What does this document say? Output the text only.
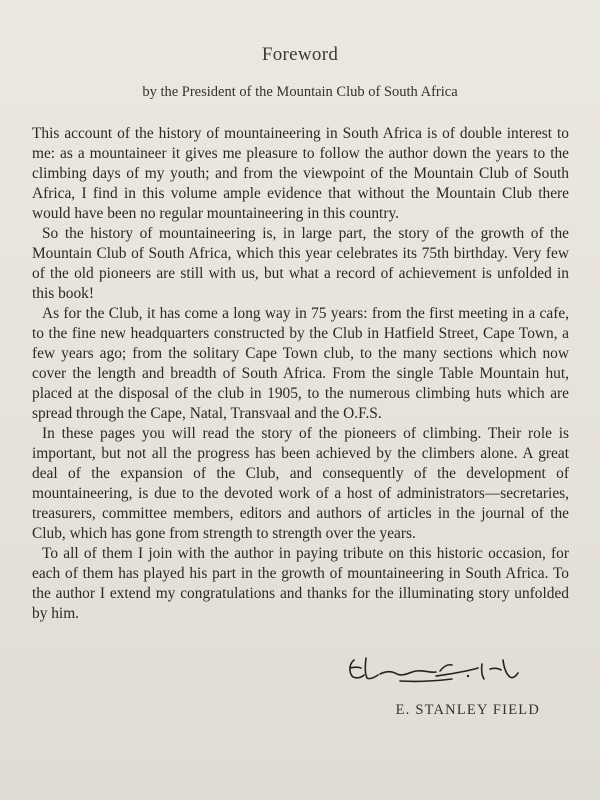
Foreword
by the President of the Mountain Club of South Africa

This account of the history of mountaineering in South Africa is of double interest to me: as a mountaineer it gives me pleasure to follow the author down the years to the climbing days of my youth; and from the viewpoint of the Mountain Club of South Africa, I find in this volume ample evidence that without the Mountain Club there would have been no regular mountaineering in this country.

So the history of mountaineering is, in large part, the story of the growth of the Mountain Club of South Africa, which this year celebrates its 75th birthday. Very few of the old pioneers are still with us, but what a record of achievement is unfolded in this book!

As for the Club, it has come a long way in 75 years: from the first meeting in a cafe, to the fine new headquarters constructed by the Club in Hatfield Street, Cape Town, a few years ago; from the solitary Cape Town club, to the many sections which now cover the length and breadth of South Africa. From the single Table Mountain hut, placed at the disposal of the club in 1905, to the numerous climbing huts which are spread through the Cape, Natal, Transvaal and the O.F.S.

In these pages you will read the story of the pioneers of climbing. Their role is important, but not all the progress has been achieved by the climbers alone. A great deal of the expansion of the Club, and consequently of the development of mountaineering, is due to the devoted work of a host of administrators—secretaries, treasurers, committee members, editors and authors of articles in the journal of the Club, which has gone from strength to strength over the years.

To all of them I join with the author in paying tribute on this historic occasion, for each of them has played his part in the growth of mountaineering in South Africa. To the author I extend my congratulations and thanks for the illuminating story unfolded by him.

E. STANLEY FIELD
